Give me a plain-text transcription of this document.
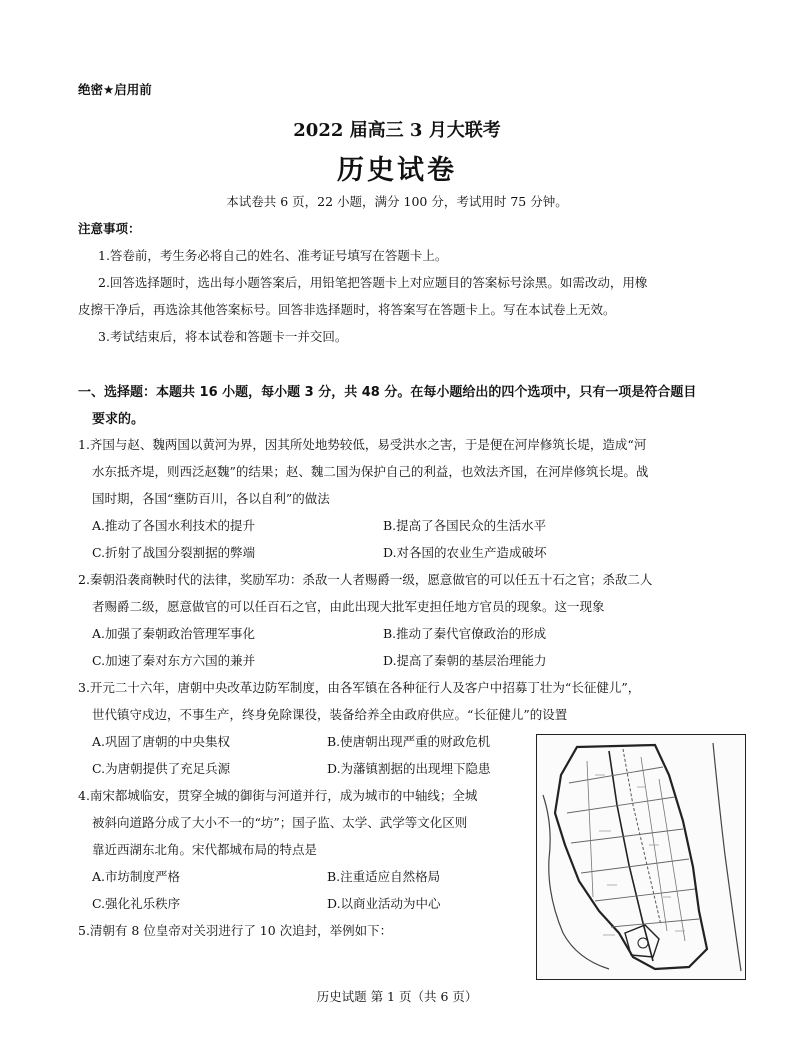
绝密★启用前
2022 届高三 3 月大联考
历史试卷
本试卷共 6 页，22 小题，满分 100 分，考试用时 75 分钟。
注意事项：
1.答卷前，考生务必将自己的姓名、准考证号填写在答题卡上。
2.回答选择题时，选出每小题答案后，用铅笔把答题卡上对应题目的答案标号涂黑。如需改动，用橡
皮擦干净后，再选涂其他答案标号。回答非选择题时，将答案写在答题卡上。写在本试卷上无效。
3.考试结束后，将本试卷和答题卡一并交回。
一、选择题：本题共 16 小题，每小题 3 分，共 48 分。在每小题给出的四个选项中，只有一项是符合题目
要求的。
1.齐国与赵、魏两国以黄河为界，因其所处地势较低，易受洪水之害，于是便在河岸修筑长堤，造成“河
水东抵齐堤，则西泛赵魏”的结果；赵、魏二国为保护自己的利益，也效法齐国，在河岸修筑长堤。战
国时期，各国“壅防百川，各以自利”的做法
A.推动了各国水利技术的提升	B.提高了各国民众的生活水平
C.折射了战国分裂割据的弊端	D.对各国的农业生产造成破坏
2.秦朝沿袭商鞅时代的法律，奖励军功：杀敌一人者赐爵一级，愿意做官的可以任五十石之官；杀敌二人
者赐爵二级，愿意做官的可以任百石之官，由此出现大批军吏担任地方官员的现象。这一现象
A.加强了秦朝政治管理军事化	B.推动了秦代官僚政治的形成
C.加速了秦对东方六国的兼并	D.提高了秦朝的基层治理能力
3.开元二十六年，唐朝中央改革边防军制度，由各军镇在各种征行人及客户中招募丁壮为“长征健儿”，
世代镇守戍边，不事生产，终身免除课役，装备给养全由政府供应。“长征健儿”的设置
A.巩固了唐朝的中央集权	B.使唐朝出现严重的财政危机
C.为唐朝提供了充足兵源	D.为藩镇割据的出现埋下隐患
4.南宋都城临安，贯穿全城的御街与河道并行，成为城市的中轴线；全城
被斜向道路分成了大小不一的“坊”；国子监、太学、武学等文化区则
靠近西湖东北角。宋代都城布局的特点是
A.市坊制度严格	B.注重适应自然格局
C.强化礼乐秩序	D.以商业活动为中心
5.清朝有 8 位皇帝对关羽进行了 10 次追封，举例如下：
历史试题 第 1 页（共 6 页）
